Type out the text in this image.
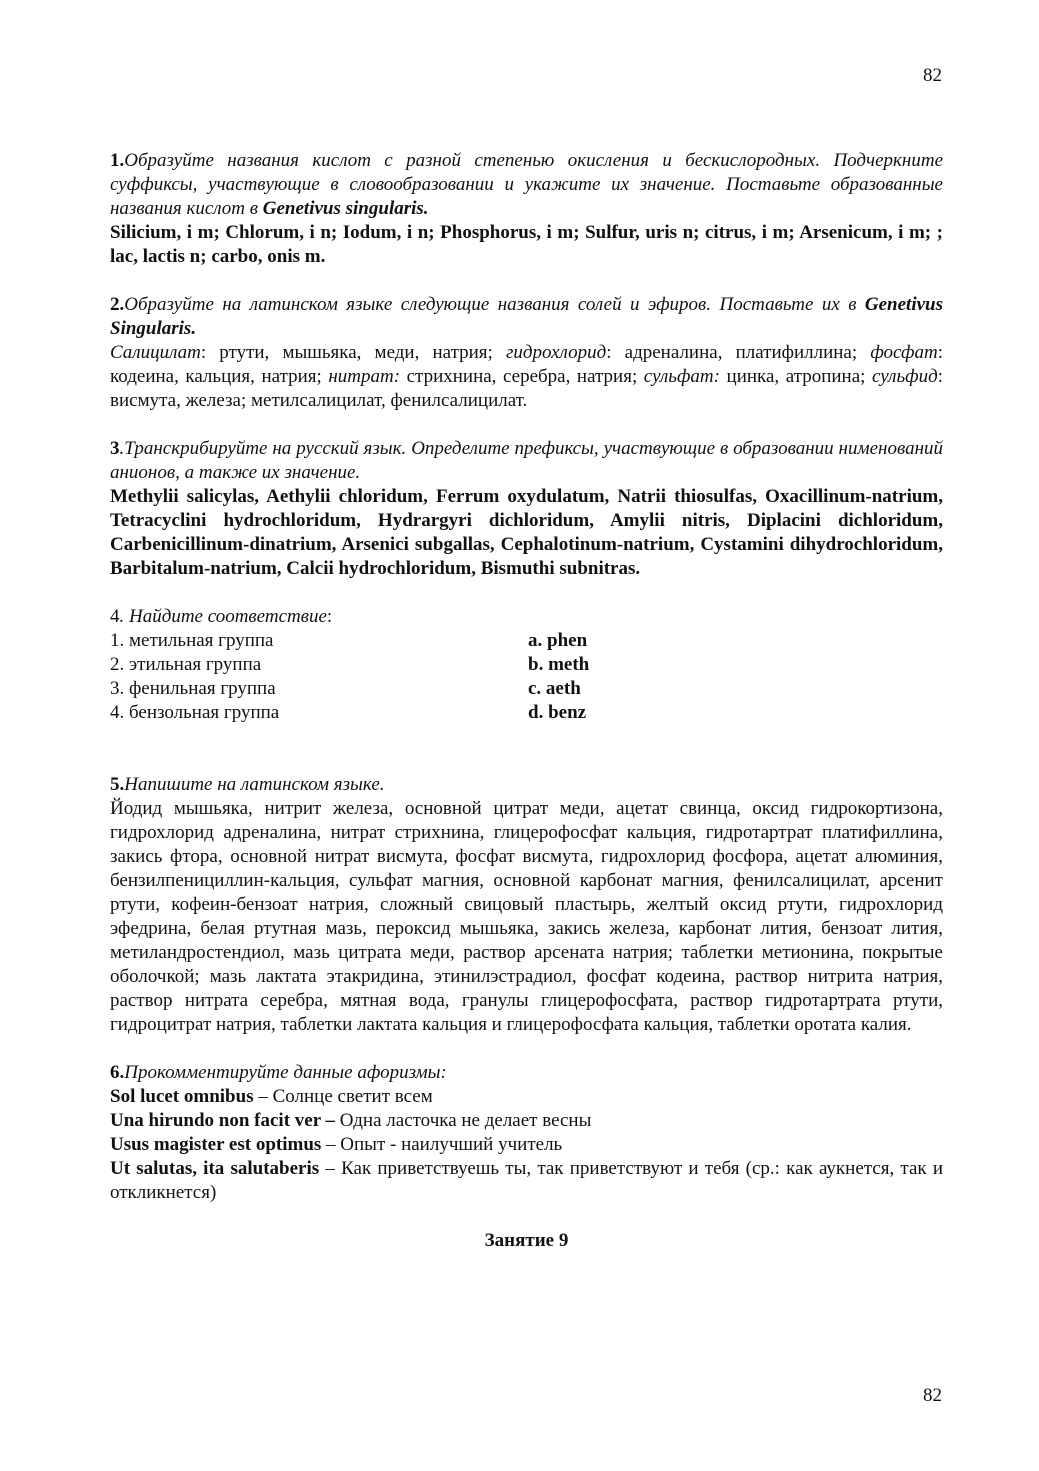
82

1.Образуйте названия кислот с разной степенью окисления и бескислородных. Подчеркните суффиксы, участвующие в словообразовании и укажите их значение. Поставьте образованные названия кислот в Genetivus singularis.

Silicium, i m; Chlorum, i n; Iodum, i n; Phosphorus, i m; Sulfur, uris n; citrus, i m; Arsenicum, i m; ; lac, lactis n; carbo, onis m.

2.Образуйте на латинском языке следующие названия солей и эфиров. Поставьте их в Genetivus Singularis.

Салицилат: ртути, мышьяка, меди, натрия; гидрохлорид: адреналина, платифиллина; фосфат: кодеина, кальция, натрия; нитрат: стрихнина, серебра, натрия; сульфат: цинка, атропина; сульфид: висмута, железа; метилсалицилат, фенилсалицилат.

3.Транскрибируйте на русский язык. Определите префиксы, участвующие в образовании нименований анионов, а также их значение.

Methylii salicylas, Aethylii chloridum, Ferrum oxydulatum, Natrii thiosulfas, Oxacillinum-natrium, Tetracyclini hydrochloridum, Hydrargyri dichloridum, Amylii nitris, Diplacini dichloridum, Carbenicillinum-dinatrium, Arsenici subgallas, Cephalotinum-natrium, Cystamini dihydrochloridum, Barbitalum-natrium, Calcii hydrochloridum, Bismuthi subnitras.

4. Найдите соответствие:

1. метильная группа	a. phen
2. этильная группа	b. meth
3. фенильная группа	c. aeth
4. бензольная группа	d. benz

5.Напишите на латинском языке.

Йодид мышьяка, нитрит железа, основной цитрат меди, ацетат свинца, оксид гидрокортизона, гидрохлорид адреналина, нитрат стрихнина, глицерофосфат кальция, гидротартрат платифиллина, закись фтора, основной нитрат висмута, фосфат висмута, гидрохлорид фосфора, ацетат алюминия, бензилпенициллин-кальция, сульфат магния, основной карбонат магния, фенилсалицилат, арсенит ртути, кофеин-бензоат натрия, сложный свицовый пластырь, желтый оксид ртути, гидрохлорид эфедрина, белая ртутная мазь, пероксид мышьяка, закись железа, карбонат лития, бензоат лития, метиландростендиол, мазь цитрата меди, раствор арсената натрия; таблетки метионина, покрытые оболочкой; мазь лактата этакридина, этинилэстрадиол, фосфат кодеина, раствор нитрита натрия, раствор нитрата серебра, мятная вода, гранулы глицерофосфата, раствор гидротартрата ртути, гидроцитрат натрия, таблетки лактата кальция и глицерофосфата кальция, таблетки оротата калия.

6.Прокомментируйте данные афоризмы:

Sol lucet omnibus – Солнце светит всем

Una hirundo non facit ver – Одна ласточка не делает весны

Usus magister est optimus – Опыт - наилучший учитель

Ut salutas, ita salutaberis – Как приветствуешь ты, так приветствуют и тебя (ср.: как аукнется, так и откликнется)

Занятие 9
82
